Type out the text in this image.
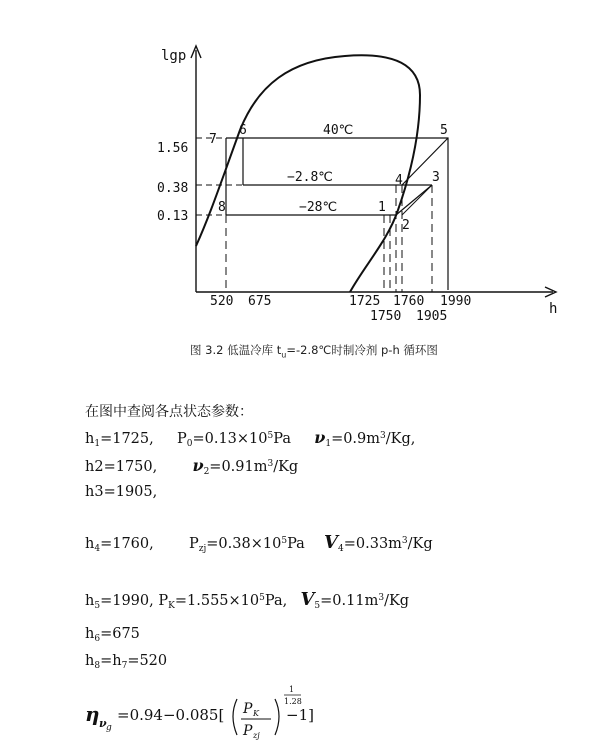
lgp
h
1.56
0.38
0.13
520 675	1725 1760 1990
1750 1905
40℃
−2.8℃
−28℃	1
2
3
4
5
6
7
8
图 3.2 低温冷库 $t_u=-2.8℃$时制冷剂 p-h 循环图
在图中查阅各点状态参数：
$h_1=1725$, $P_0=0.13\times 10^5Pa$ $\nu_1=0.9m^3/Kg$,
h2=1750, $\nu_2=0.91m^3/Kg$
h3=1905,
$h_4=1760$, $P_{zj}=0.38\times 10^5Pa$ $V_4=0.33m^3/Kg$
$h_5=1990$, $P_K=1.555\times 10^5Pa$, $V_5=0.11m^3/Kg$
$h_6=675$
$h_8=h_7=520$
η ν g
=0.94−0.085[ P K
P zj
1
1.28
−1]
